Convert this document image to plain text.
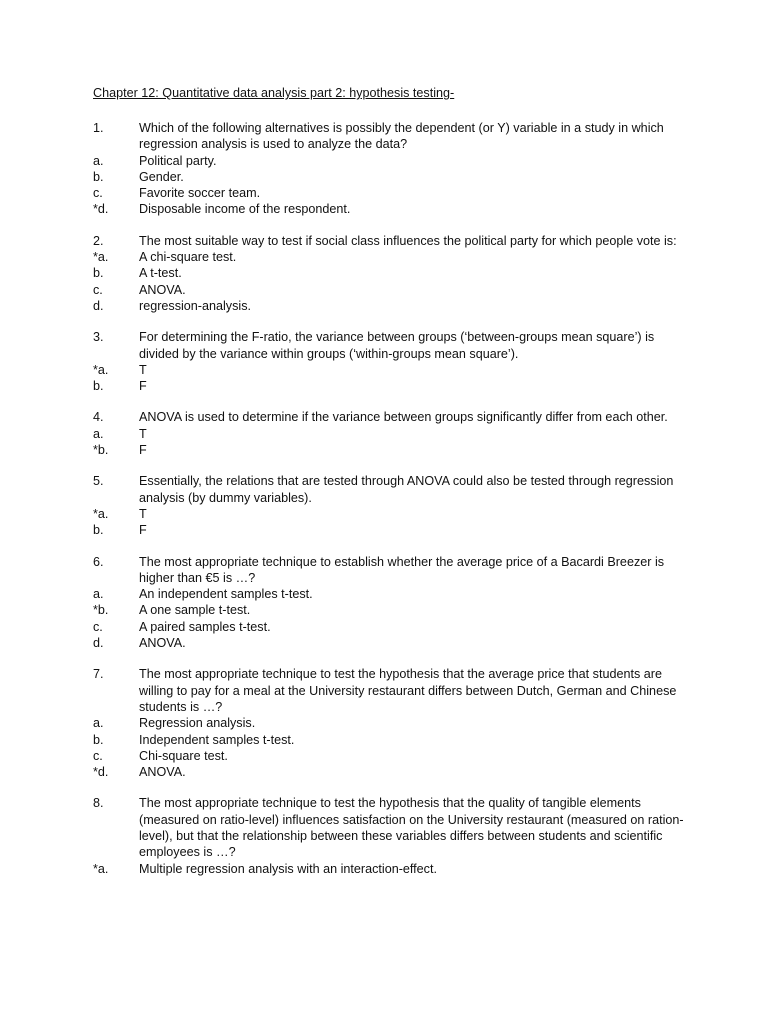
Chapter 12: Quantitative data analysis part 2: hypothesis testing-
1.	Which of the following alternatives is possibly the dependent (or Y) variable in a study in which regression analysis is used to analyze the data?
a.	Political party.
b.	Gender.
c.	Favorite soccer team.
*d.	Disposable income of the respondent.
2.	The most suitable way to test if social class influences the political party for which people vote is:
*a.	A chi-square test.
b.	A t-test.
c.	ANOVA.
d.	regression-analysis.
3.	For determining the F-ratio, the variance between groups (‘between-groups mean square’) is divided by the variance within groups (‘within-groups mean square’).
*a.	T
b.	F
4.	ANOVA is used to determine if the variance between groups significantly differ from each other.
a.	T
*b.	F
5.	Essentially, the relations that are tested through ANOVA could also be tested through regression analysis (by dummy variables).
*a.	T
b.	F
6.	The most appropriate technique to establish whether the average price of a Bacardi Breezer is higher than €5 is …?
a.	An independent samples t-test.
*b.	A one sample t-test.
c.	A paired samples t-test.
d.	ANOVA.
7.	The most appropriate technique to test the hypothesis that the average price that students are willing to pay for a meal at the University restaurant differs between Dutch, German and Chinese students is …?
a.	Regression analysis.
b.	Independent samples t-test.
c.	Chi-square test.
*d.	ANOVA.
8.	The most appropriate technique to test the hypothesis that the quality of tangible elements (measured on ratio-level) influences satisfaction on the University restaurant (measured on ration-level), but that the relationship between these variables differs between students and scientific employees is …?
*a.	Multiple regression analysis with an interaction-effect.
